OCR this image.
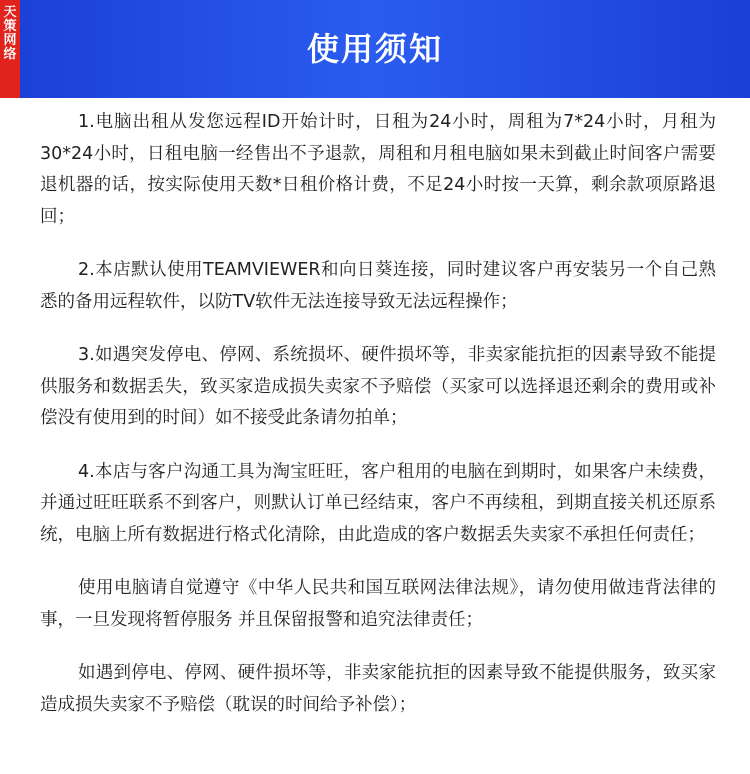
天策网络	使用须知

1.电脑出租从发您远程ID开始计时，日租为24小时，周租为7*24小时，月租为30*24小时，日租电脑一经售出不予退款，周租和月租电脑如果未到截止时间客户需要退机器的话，按实际使用天数*日租价格计费，不足24小时按一天算，剩余款项原路退回；

2.本店默认使用TEAMVIEWER和向日葵连接，同时建议客户再安装另一个自己熟悉的备用远程软件，以防TV软件无法连接导致无法远程操作；

3.如遇突发停电、停网、系统损坏、硬件损坏等，非卖家能抗拒的因素导致不能提供服务和数据丢失，致买家造成损失卖家不予赔偿（买家可以选择退还剩余的费用或补偿没有使用到的时间）如不接受此条请勿拍单；

4.本店与客户沟通工具为淘宝旺旺，客户租用的电脑在到期时，如果客户未续费，并通过旺旺联系不到客户，则默认订单已经结束，客户不再续租，到期直接关机还原系统，电脑上所有数据进行格式化清除，由此造成的客户数据丢失卖家不承担任何责任；

使用电脑请自觉遵守《中华人民共和国互联网法律法规》，请勿使用做违背法律的事，一旦发现将暂停服务 并且保留报警和追究法律责任；

如遇到停电、停网、硬件损坏等，非卖家能抗拒的因素导致不能提供服务，致买家造成损失卖家不予赔偿（耽误的时间给予补偿）；
